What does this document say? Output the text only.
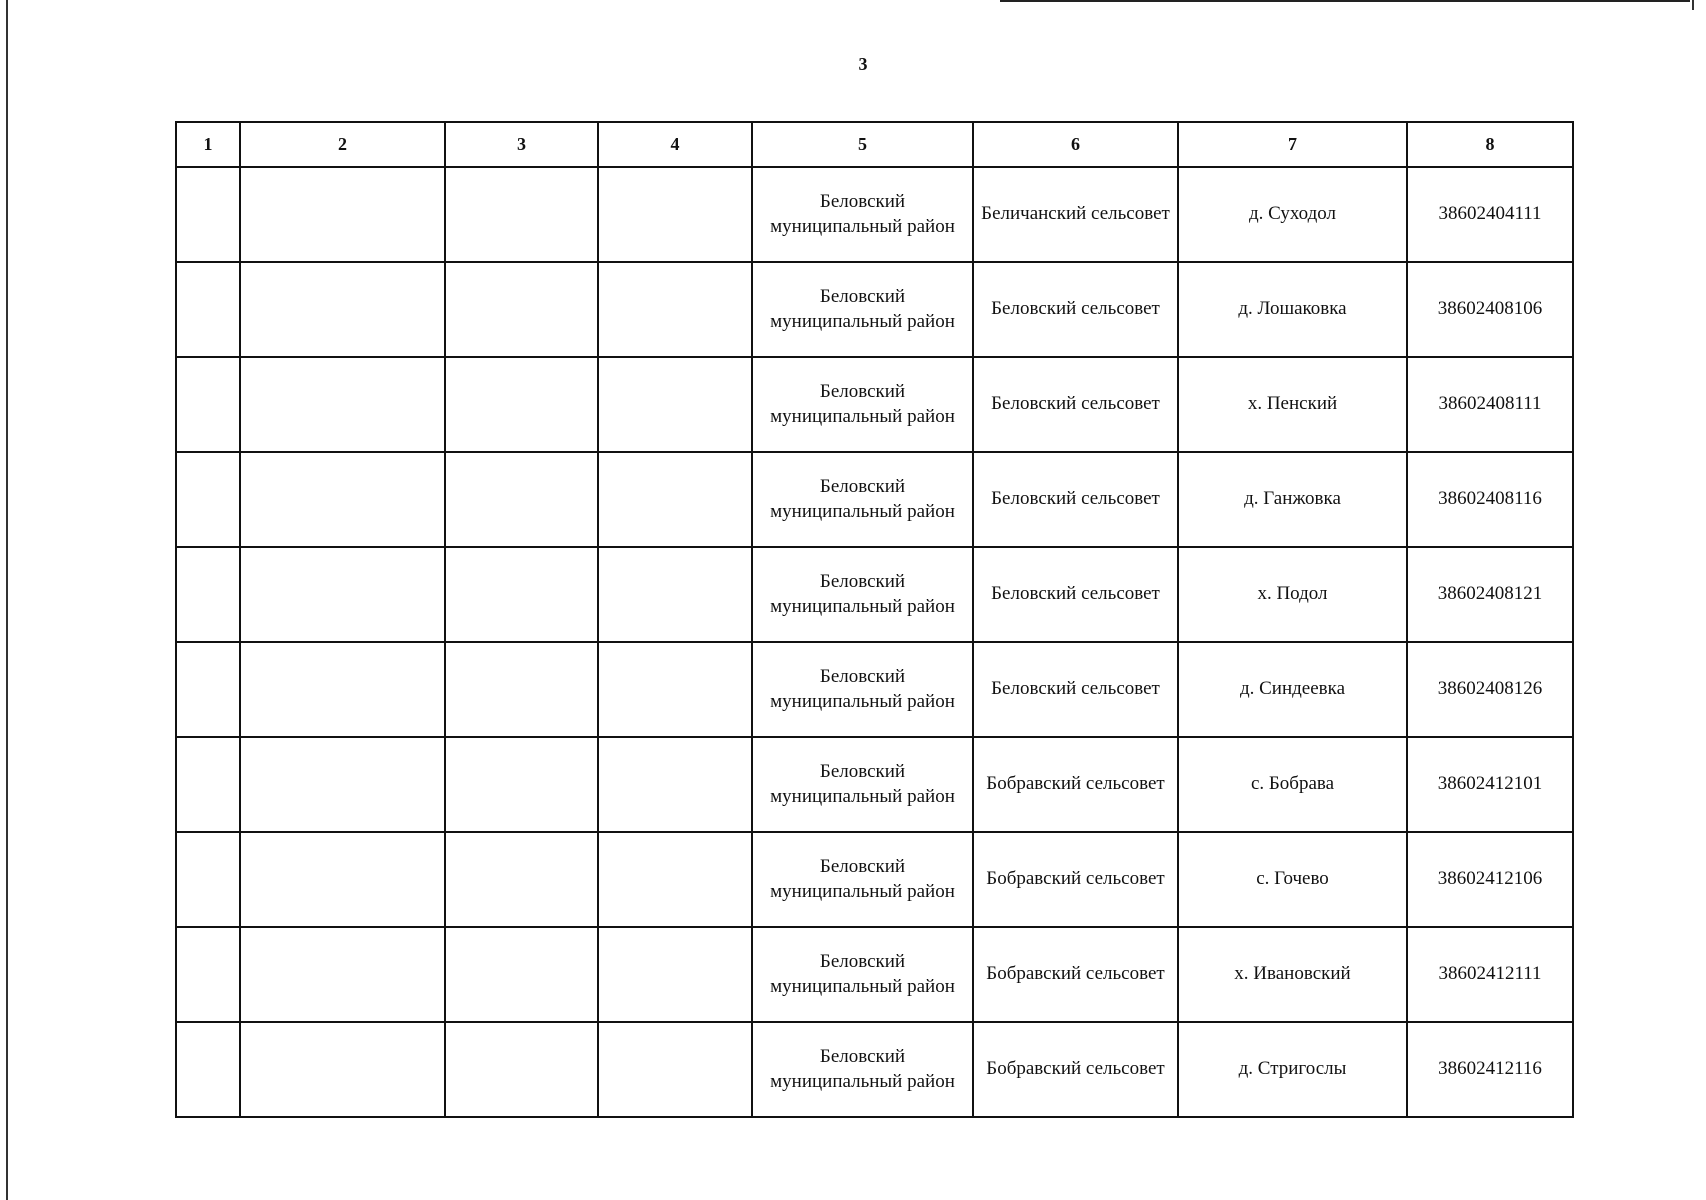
3
1	2	3	4	5	6	7	8
				Беловский муниципальный район	Беличанский сельсовет	д. Суходол	38602404111
				Беловский муниципальный район	Беловский сельсовет	д. Лошаковка	38602408106
				Беловский муниципальный район	Беловский сельсовет	х. Пенский	38602408111
				Беловский муниципальный район	Беловский сельсовет	д. Ганжовка	38602408116
				Беловский муниципальный район	Беловский сельсовет	х. Подол	38602408121
				Беловский муниципальный район	Беловский сельсовет	д. Синдеевка	38602408126
				Беловский муниципальный район	Бобравский сельсовет	с. Бобрава	38602412101
				Беловский муниципальный район	Бобравский сельсовет	с. Гочево	38602412106
				Беловский муниципальный район	Бобравский сельсовет	х. Ивановский	38602412111
				Беловский муниципальный район	Бобравский сельсовет	д. Стригослы	38602412116
